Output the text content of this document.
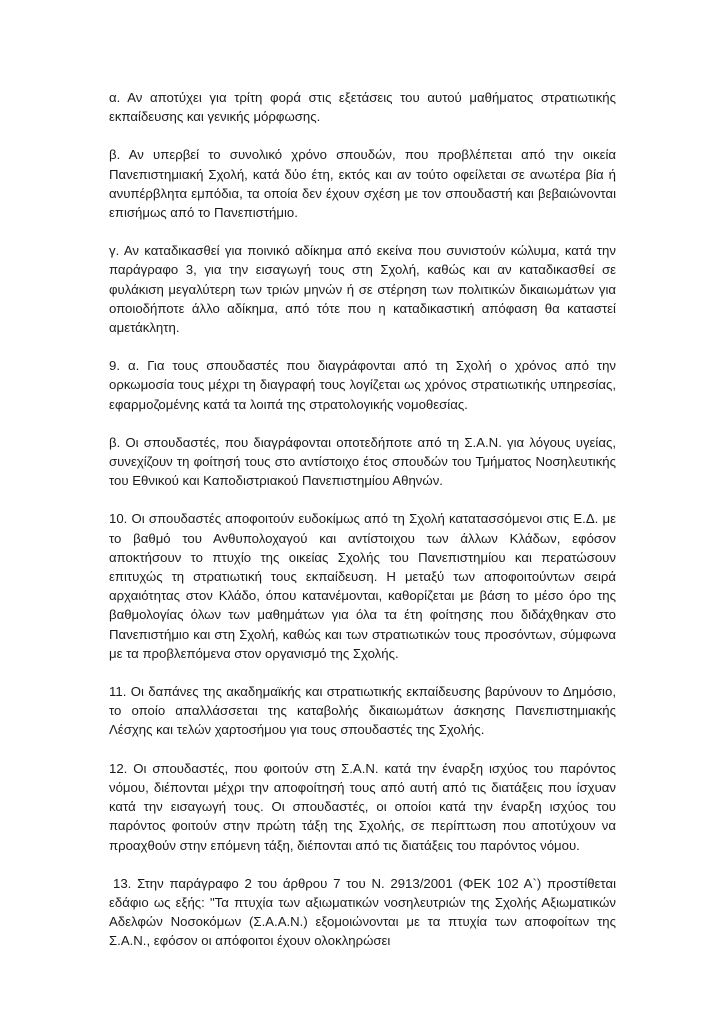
α. Αν αποτύχει για τρίτη φορά στις εξετάσεις του αυτού μαθήματος στρατιωτικής εκπαίδευσης και γενικής μόρφωσης.

β. Αν υπερβεί το συνολικό χρόνο σπουδών, που προβλέπεται από την οικεία Πανεπιστημιακή Σχολή, κατά δύο έτη, εκτός και αν τούτο οφείλεται σε ανωτέρα βία ή ανυπέρβλητα εμπόδια, τα οποία δεν έχουν σχέση με τον σπουδαστή και βεβαιώνονται επισήμως από το Πανεπιστήμιο.

γ. Αν καταδικασθεί για ποινικό αδίκημα από εκείνα που συνιστούν κώλυμα, κατά την παράγραφο 3, για την εισαγωγή τους στη Σχολή, καθώς και αν καταδικασθεί σε φυλάκιση μεγαλύτερη των τριών μηνών ή σε στέρηση των πολιτικών δικαιωμάτων για οποιοδήποτε άλλο αδίκημα, από τότε που η καταδικαστική απόφαση θα καταστεί αμετάκλητη.

9. α. Για τους σπουδαστές που διαγράφονται από τη Σχολή ο χρόνος από την ορκωμοσία τους μέχρι τη διαγραφή τους λογίζεται ως χρόνος στρατιωτικής υπηρεσίας, εφαρμοζομένης κατά τα λοιπά της στρατολογικής νομοθεσίας.

β. Οι σπουδαστές, που διαγράφονται οποτεδήποτε από τη Σ.Α.Ν. για λόγους υγείας, συνεχίζουν τη φοίτησή τους στο αντίστοιχο έτος σπουδών του Τμήματος Νοσηλευτικής του Εθνικού και Καποδιστριακού Πανεπιστημίου Αθηνών.

10. Οι σπουδαστές αποφοιτούν ευδοκίμως από τη Σχολή κατατασσόμενοι στις Ε.Δ. με το βαθμό του Ανθυπολοχαγού και αντίστοιχου των άλλων Κλάδων, εφόσον αποκτήσουν το πτυχίο της οικείας Σχολής του Πανεπιστημίου και περατώσουν επιτυχώς τη στρατιωτική τους εκπαίδευση. Η μεταξύ των αποφοιτούντων σειρά αρχαιότητας στον Κλάδο, όπου κατανέμονται, καθορίζεται με βάση το μέσο όρο της βαθμολογίας όλων των μαθημάτων για όλα τα έτη φοίτησης που διδάχθηκαν στο Πανεπιστήμιο και στη Σχολή, καθώς και των στρατιωτικών τους προσόντων, σύμφωνα με τα προβλεπόμενα στον οργανισμό της Σχολής.

11. Οι δαπάνες της ακαδημαϊκής και στρατιωτικής εκπαίδευσης βαρύνουν το Δημόσιο, το οποίο απαλλάσσεται της καταβολής δικαιωμάτων άσκησης Πανεπιστημιακής Λέσχης και τελών χαρτοσήμου για τους σπουδαστές της Σχολής.

12. Οι σπουδαστές, που φοιτούν στη Σ.Α.Ν. κατά την έναρξη ισχύος του παρόντος νόμου, διέπονται μέχρι την αποφοίτησή τους από αυτή από τις διατάξεις που ίσχυαν κατά την εισαγωγή τους. Οι σπουδαστές, οι οποίοι κατά την έναρξη ισχύος του παρόντος φοιτούν στην πρώτη τάξη της Σχολής, σε περίπτωση που αποτύχουν να προαχθούν στην επόμενη τάξη, διέπονται από τις διατάξεις του παρόντος νόμου.

13. Στην παράγραφο 2 του άρθρου 7 του Ν. 2913/2001 (ΦΕΚ 102 Α`) προστίθεται εδάφιο ως εξής: "Τα πτυχία των αξιωματικών νοσηλευτριών της Σχολής Αξιωματικών Αδελφών Νοσοκόμων (Σ.Α.Α.Ν.) εξομοιώνονται με τα πτυχία των αποφοίτων της Σ.Α.Ν., εφόσον οι απόφοιτοι έχουν ολοκληρώσει
